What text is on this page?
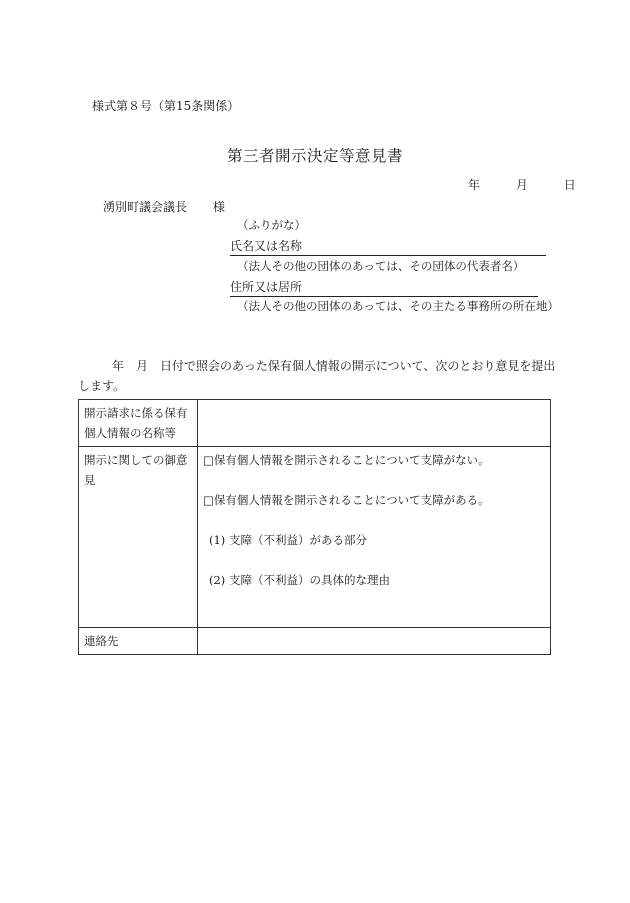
様式第８号（第15条関係）
第三者開示決定等意見書
年	月	日
湧別町議会議長 様
（ふりがな）
氏名又は名称
（法人その他の団体のあっては、その団体の代表者名）
住所又は居所
（法人その他の団体のあっては、その主たる事務所の所在地）
年　月　日付で照会のあった保有個人情報の開示について、次のとおり意見を提出
します。
開示請求に係る保有個人情報の名称等	
開示に関しての御意見	□保有個人情報を開示されることについて支障がない。

□保有個人情報を開示されることについて支障がある。

(1) 支障（不利益）がある部分

(2) 支障（不利益）の具体的な理由

連絡先	
